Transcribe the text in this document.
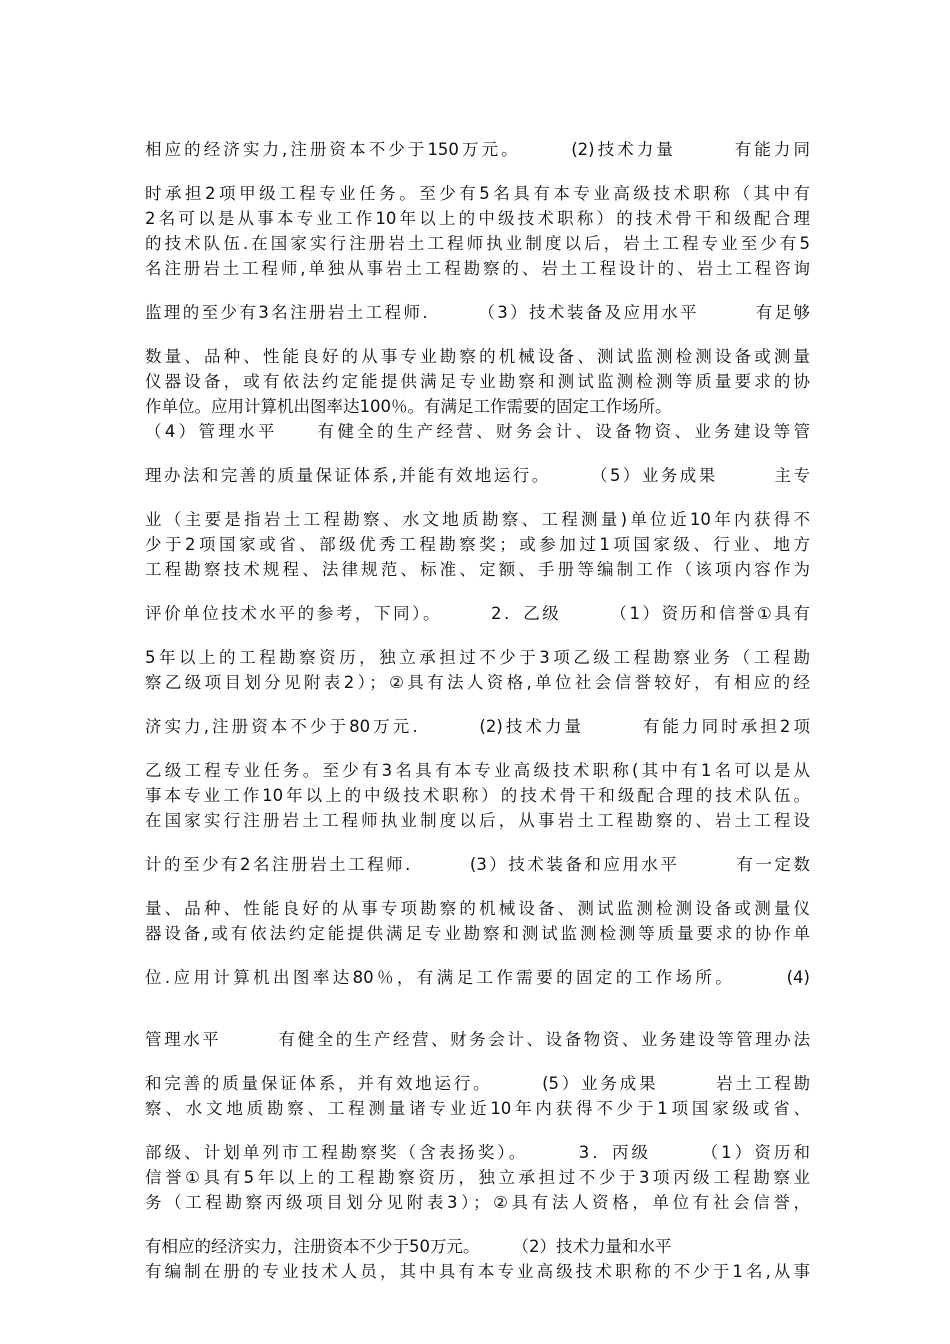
相应的经济实力,注册资本不少于150万元。　　　(2)技术力量　　　有能力同
时承担2项甲级工程专业任务。至少有5名具有本专业高级技术职称（其中有
2名可以是从事本专业工作10年以上的中级技术职称）的技术骨干和级配合理
的技术队伍.在国家实行注册岩土工程师执业制度以后，岩土工程专业至少有5
名注册岩土工程师,单独从事岩土工程勘察的、岩土工程设计的、岩土工程咨询
监理的至少有3名注册岩土工程师.　　　（3）技术装备及应用水平　　　有足够
数量、品种、性能良好的从事专业勘察的机械设备、测试监测检测设备或测量
仪器设备，或有依法约定能提供满足专业勘察和测试监测检测等质量要求的协
作单位。应用计算机出图率达100％。有满足工作需要的固定工作场所。
（4）管理水平　　有健全的生产经营、财务会计、设备物资、业务建设等管
理办法和完善的质量保证体系,并能有效地运行。　　　（5）业务成果　　　主专
业（主要是指岩土工程勘察、水文地质勘察、工程测量)单位近10年内获得不
少于2项国家或省、部级优秀工程勘察奖；或参加过1项国家级、行业、地方
工程勘察技术规程、法律规范、标准、定额、手册等编制工作（该项内容作为
评价单位技术水平的参考，下同）。　　　2．乙级　　　（1）资历和信誉①具有
5年以上的工程勘察资历，独立承担过不少于3项乙级工程勘察业务（工程勘
察乙级项目划分见附表2）；②具有法人资格,单位社会信誉较好，有相应的经
济实力,注册资本不少于80万元.　　　(2)技术力量　　　有能力同时承担2项
乙级工程专业任务。至少有3名具有本专业高级技术职称(其中有1名可以是从
事本专业工作10年以上的中级技术职称）的技术骨干和级配合理的技术队伍。
在国家实行注册岩土工程师执业制度以后，从事岩土工程勘察的、岩土工程设
计的至少有2名注册岩土工程师.　　　(3）技术装备和应用水平　　　有一定数
量、品种、性能良好的从事专项勘察的机械设备、测试监测检测设备或测量仪
器设备,或有依法约定能提供满足专业勘察和测试监测检测等质量要求的协作单
位.应用计算机出图率达80％，有满足工作需要的固定的工作场所。　　　(4)
管理水平　　　有健全的生产经营、财务会计、设备物资、业务建设等管理办法
和完善的质量保证体系，并有效地运行。　　　(5）业务成果　　　岩土工程勘
察、水文地质勘察、工程测量诸专业近10年内获得不少于1项国家级或省、
部级、计划单列市工程勘察奖（含表扬奖）。　　　3．丙级　　　（1）资历和
信誉①具有5年以上的工程勘察资历，独立承担过不少于3项丙级工程勘察业
务（工程勘察丙级项目划分见附表3）；②具有法人资格，单位有社会信誉，
有相应的经济实力，注册资本不少于50万元。　　　（2）技术力量和水平
有编制在册的专业技术人员，其中具有本专业高级技术职称的不少于1名,从事
